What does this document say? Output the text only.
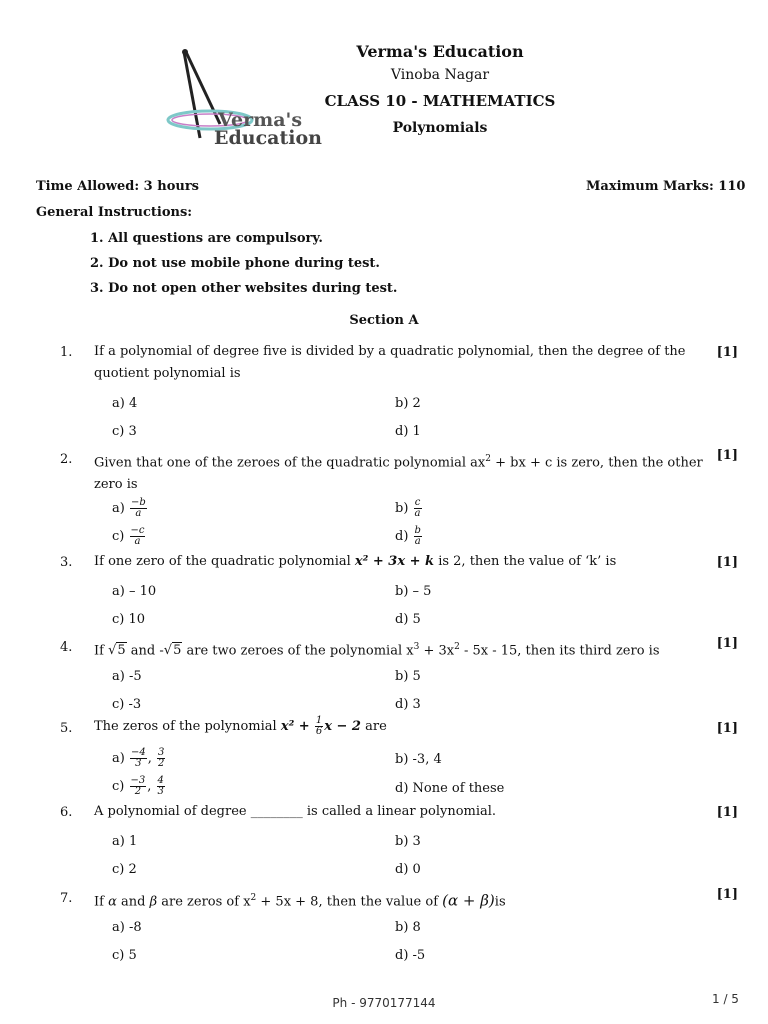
Verma's
Education
Verma's Education
Vinoba Nagar
CLASS 10 - MATHEMATICS
Polynomials
Time Allowed: 3 hours	Maximum Marks: 110
General Instructions:
1. All questions are compulsory.
2. Do not use mobile phone during test.
3. Do not open other websites during test.
Section A
1. If a polynomial of degree five is divided by a quadratic polynomial, then the degree of the
quotient polynomial is
[1]
a) 4	b) 2
c) 3	d) 1
2. Given that one of the zeroes of the quadratic polynomial $ax^2$ + bx + c is zero, then the other
zero is
[1]
$a) \frac{-b}{a}$	$b) \frac{c}{a}$
$c) \frac{-c}{a}$	$d) \frac{b}{a}$
3. If one zero of the quadratic polynomial x² + 3x + k is 2, then the value of ‘k’ is	[1]
a) – 10	b) – 5
c) 10	d) 5
4. If √5 and -√5 are two zeroes of the polynomial $x^3 + 3x^2 - 5x - 15$, then its third zero is	[1]
a) -5	b) 5
c) -3	d) 3
5. The zeros of the polynomial $x^2 + \frac{1}{6}$ x − 2 are	[1]
$a) \frac{-4}{3}$ , $\frac{3}{2}$	b) -3, 4
$c) \frac{-3}{2}$ , $\frac{4}{3}$	d) None of these
6. A polynomial of degree ________ is called a linear polynomial.	[1]
a) 1	b) 3
c) 2	d) 0
7. If α and β are zeros of $x^2 + 5x + 8$, then the value of (α + β)is	[1]
a) -8	b) 8
c) 5	d) -5
Ph - 9770177144	1 / 5
